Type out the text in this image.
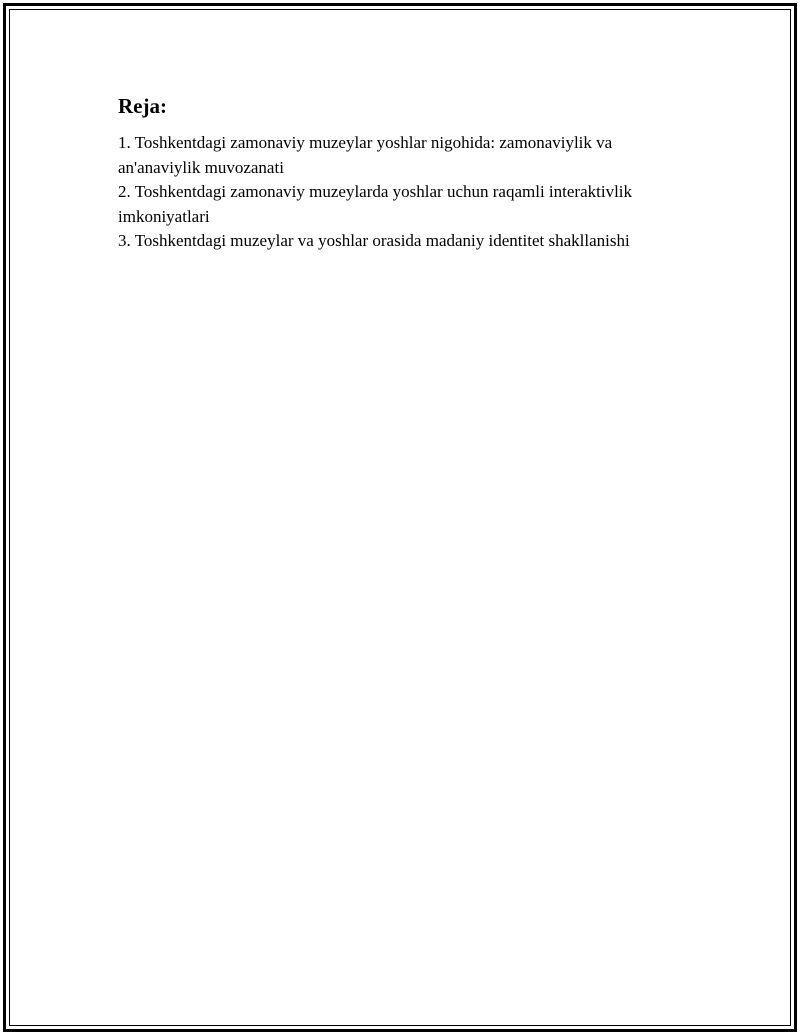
Reja:
1. Toshkentdagi zamonaviy muzeylar yoshlar nigohida: zamonaviylik va an'anaviylik muvozanati
2. Toshkentdagi zamonaviy muzeylarda yoshlar uchun raqamli interaktivlik imkoniyatlari
3. Toshkentdagi muzeylar va yoshlar orasida madaniy identitet shakllanishi
